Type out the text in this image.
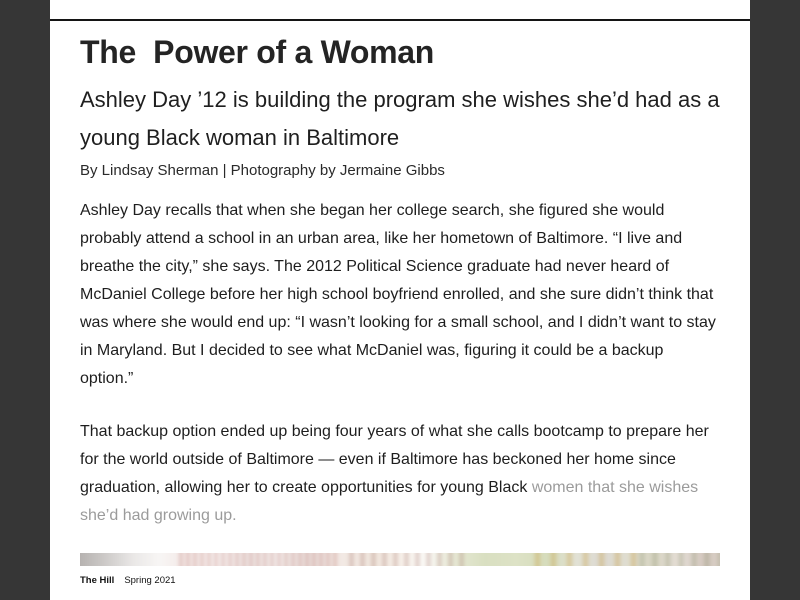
The  Power of a Woman
Ashley Day ’12 is building the program she wishes she’d had as a young Black woman in Baltimore
By Lindsay Sherman | Photography by Jermaine Gibbs

Ashley Day recalls that when she began her college search, she figured she would probably attend a school in an urban area, like her hometown of Baltimore. “I live and breathe the city,” she says. The 2012 Political Science graduate had never heard of McDaniel College before her high school boyfriend enrolled, and she sure didn’t think that was where she would end up: “I wasn’t looking for a small school, and I didn’t want to stay in Maryland. But I decided to see what McDaniel was, figuring it could be a backup option.”

That backup option ended up being four years of what she calls bootcamp to prepare her for the world outside of Baltimore — even if Baltimore has beckoned her home since graduation, allowing her to create opportunities for young Black women that she wishes she’d had growing up.

The Hill Spring 2021
